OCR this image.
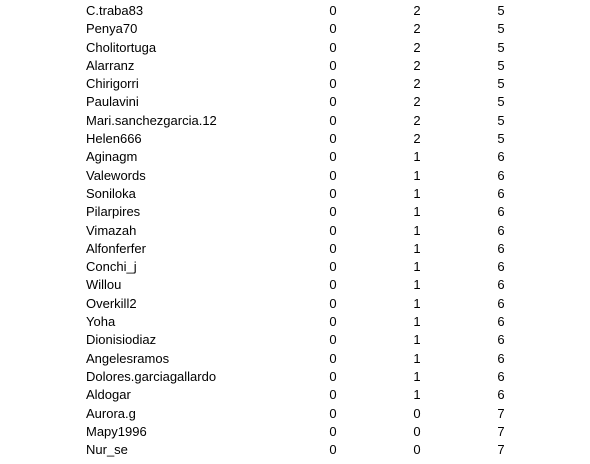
C.traba83	0	2	5
Penya70	0	2	5
Cholitortuga	0	2	5
Alarranz	0	2	5
Chirigorri	0	2	5
Paulavini	0	2	5
Mari.sanchezgarcia.12	0	2	5
Helen666	0	2	5
Aginagm	0	1	6
Valewords	0	1	6
Soniloka	0	1	6
Pilarpires	0	1	6
Vimazah	0	1	6
Alfonferfer	0	1	6
Conchi_j	0	1	6
Willou	0	1	6
Overkill2	0	1	6
Yoha	0	1	6
Dionisiodiaz	0	1	6
Angelesramos	0	1	6
Dolores.garciagallardo	0	1	6
Aldogar	0	1	6
Aurora.g	0	0	7
Mapy1996	0	0	7
Nur_se	0	0	7
